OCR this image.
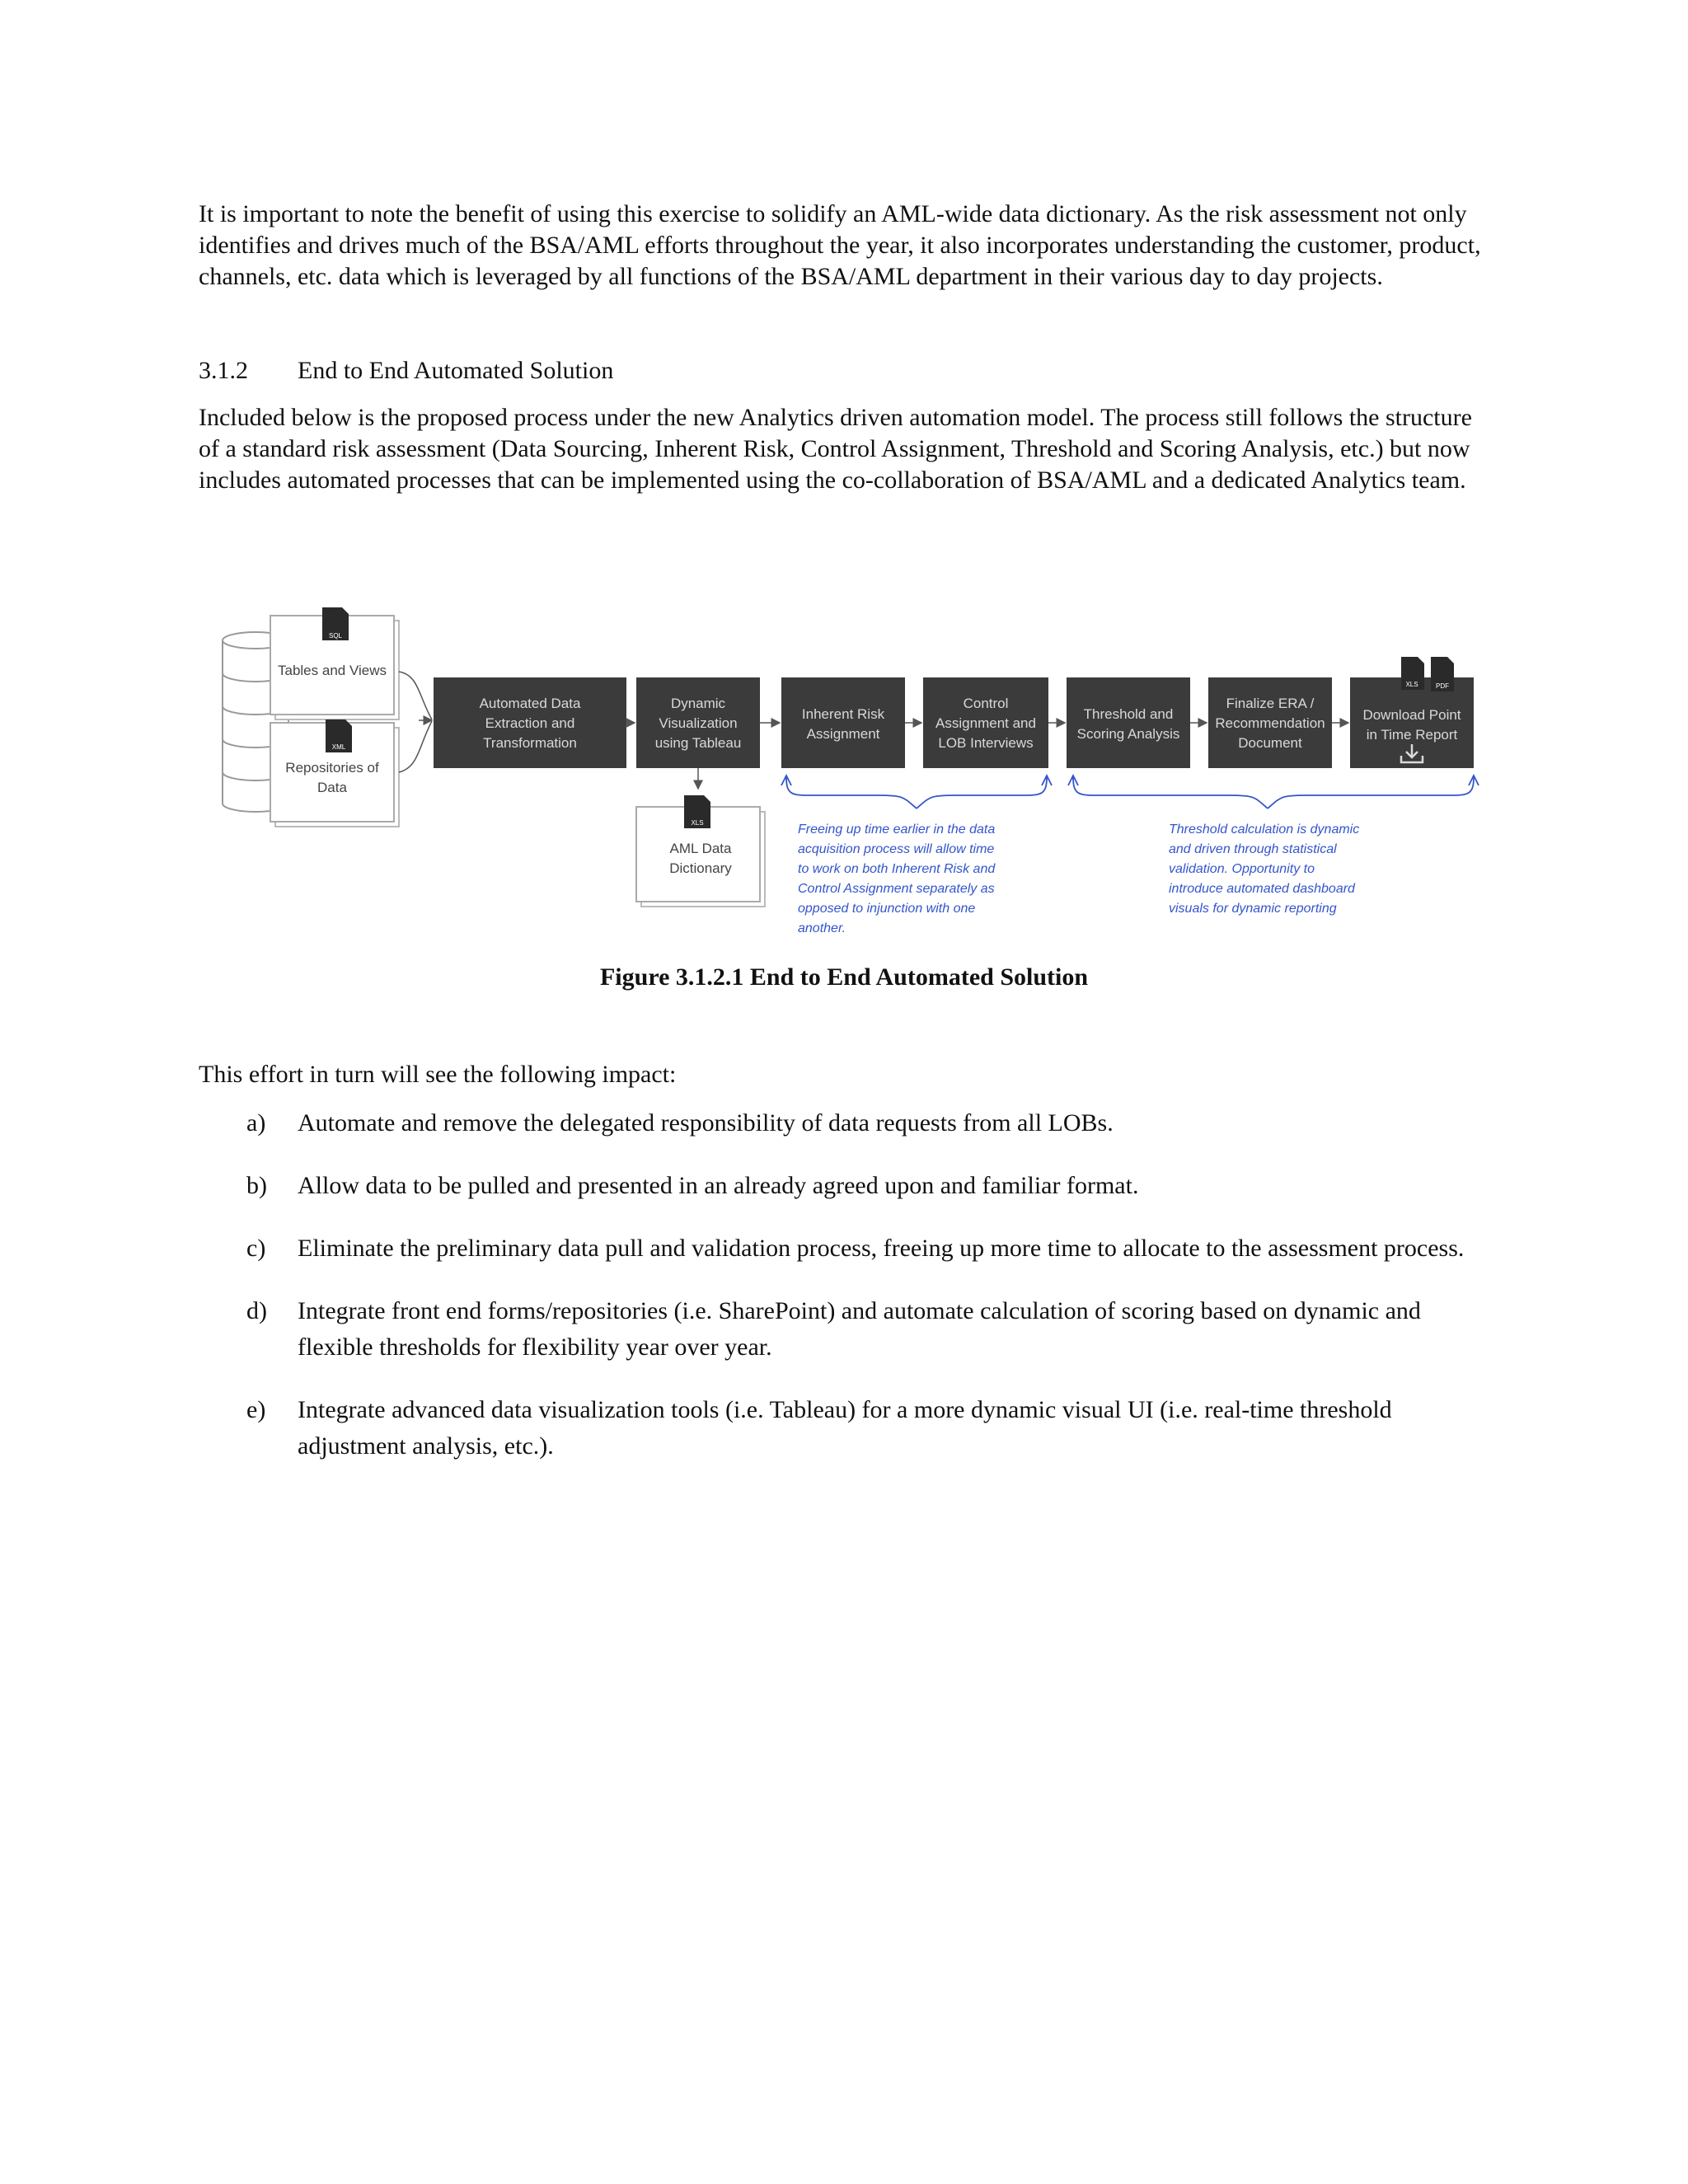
It is important to note the benefit of using this exercise to solidify an AML-wide data dictionary. As the risk assessment not only identifies and drives much of the BSA/AML efforts throughout the year, it also incorporates understanding the customer, product, channels, etc. data which is leveraged by all functions of the BSA/AML department in their various day to day projects.

3.1.2 End to End Automated Solution

Included below is the proposed process under the new Analytics driven automation model. The process still follows the structure of a standard risk assessment (Data Sourcing, Inherent Risk, Control Assignment, Threshold and Scoring Analysis, etc.) but now includes automated processes that can be implemented using the co-collaboration of BSA/AML and a dedicated Analytics team.

SQL
Tables and Views
XML
Repositories of
Data
Automated Data
Extraction and
Transformation
Dynamic
Visualization
using Tableau
Inherent Risk
Assignment
Control
Assignment and
LOB Interviews
Threshold and
Scoring Analysis
Finalize ERA /
Recommendation
Document
Download Point
in Time Report
XLS	PDF
XLS
AML Data
Dictionary
Freeing up time earlier in the data
acquisition process will allow time
to work on both Inherent Risk and
Control Assignment separately as
opposed to injunction with one
another.
Threshold calculation is dynamic
and driven through statistical
validation. Opportunity to
introduce automated dashboard
visuals for dynamic reporting
Figure 3.1.2.1 End to End Automated Solution

This effort in turn will see the following impact:

a) Automate and remove the delegated responsibility of data requests from all LOBs.
b) Allow data to be pulled and presented in an already agreed upon and familiar format.
c) Eliminate the preliminary data pull and validation process, freeing up more time to allocate to the assessment process.
d) Integrate front end forms/repositories (i.e. SharePoint) and automate calculation of scoring based on dynamic and flexible thresholds for flexibility year over year.
e) Integrate advanced data visualization tools (i.e. Tableau) for a more dynamic visual UI (i.e. real-time threshold adjustment analysis, etc.).
